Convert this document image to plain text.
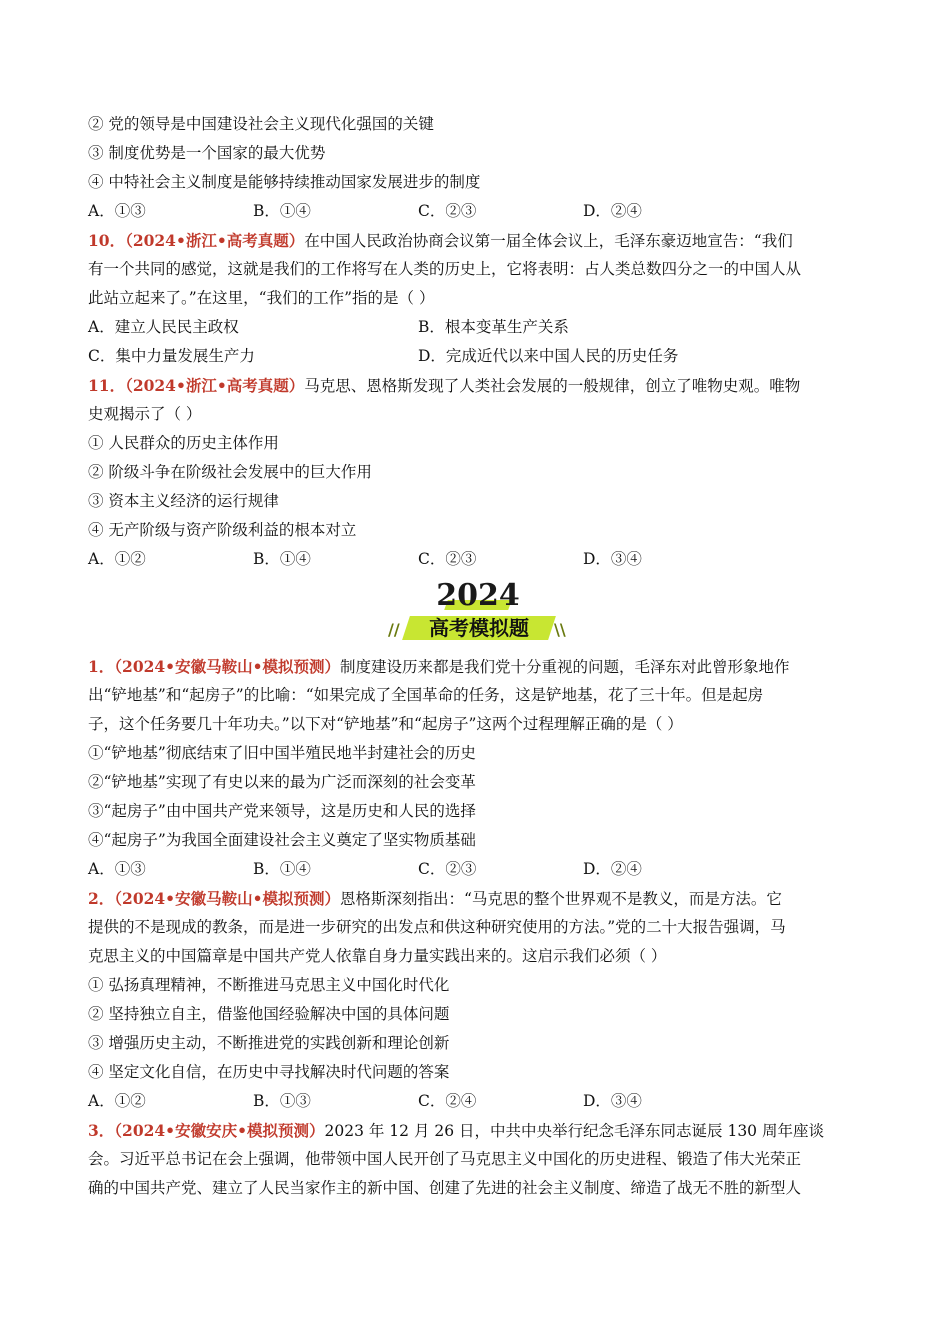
② 党的领导是中国建设社会主义现代化强国的关键
③ 制度优势是一个国家的最大优势
④ 中特社会主义制度是能够持续推动国家发展进步的制度
A．①③	B．①④	C．②③	D．②④
10．（2024•浙江•高考真题）在中国人民政治协商会议第一届全体会议上，毛泽东豪迈地宣告：“我们
有一个共同的感觉，这就是我们的工作将写在人类的历史上，它将表明：占人类总数四分之一的中国人从
此站立起来了。”在这里，“我们的工作”指的是（ ）
A．建立人民民主政权	B．根本变革生产关系
C．集中力量发展生产力	D．完成近代以来中国人民的历史任务
11．（2024•浙江•高考真题）马克思、恩格斯发现了人类社会发展的一般规律，创立了唯物史观。唯物
史观揭示了（ ）
① 人民群众的历史主体作用
② 阶级斗争在阶级社会发展中的巨大作用
③ 资本主义经济的运行规律
④ 无产阶级与资产阶级利益的根本对立
A．①②	B．①④	C．②③	D．③④
2024
//	高考模拟题	\\
1．（2024•安徽马鞍山•模拟预测）制度建设历来都是我们党十分重视的问题，毛泽东对此曾形象地作
出“铲地基”和“起房子”的比喻：“如果完成了全国革命的任务，这是铲地基，花了三十年。但是起房
子，这个任务要几十年功夫。”以下对“铲地基”和“起房子”这两个过程理解正确的是（ ）
①“铲地基”彻底结束了旧中国半殖民地半封建社会的历史
②“铲地基”实现了有史以来的最为广泛而深刻的社会变革
③“起房子”由中国共产党来领导，这是历史和人民的选择
④“起房子”为我国全面建设社会主义奠定了坚实物质基础
A．①③	B．①④	C．②③	D．②④
2．（2024•安徽马鞍山•模拟预测）恩格斯深刻指出：“马克思的整个世界观不是教义，而是方法。它
提供的不是现成的教条，而是进一步研究的出发点和供这种研究使用的方法。”党的二十大报告强调，马
克思主义的中国篇章是中国共产党人依靠自身力量实践出来的。这启示我们必须（ ）
① 弘扬真理精神，不断推进马克思主义中国化时代化
② 坚持独立自主，借鉴他国经验解决中国的具体问题
③ 增强历史主动，不断推进党的实践创新和理论创新
④ 坚定文化自信，在历史中寻找解决时代问题的答案
A．①②	B．①③	C．②④	D．③④
3．（2024•安徽安庆•模拟预测）2023 年 12 月 26 日，中共中央举行纪念毛泽东同志诞辰 130 周年座谈
会。习近平总书记在会上强调，他带领中国人民开创了马克思主义中国化的历史进程、锻造了伟大光荣正
确的中国共产党、建立了人民当家作主的新中国、创建了先进的社会主义制度、缔造了战无不胜的新型人
